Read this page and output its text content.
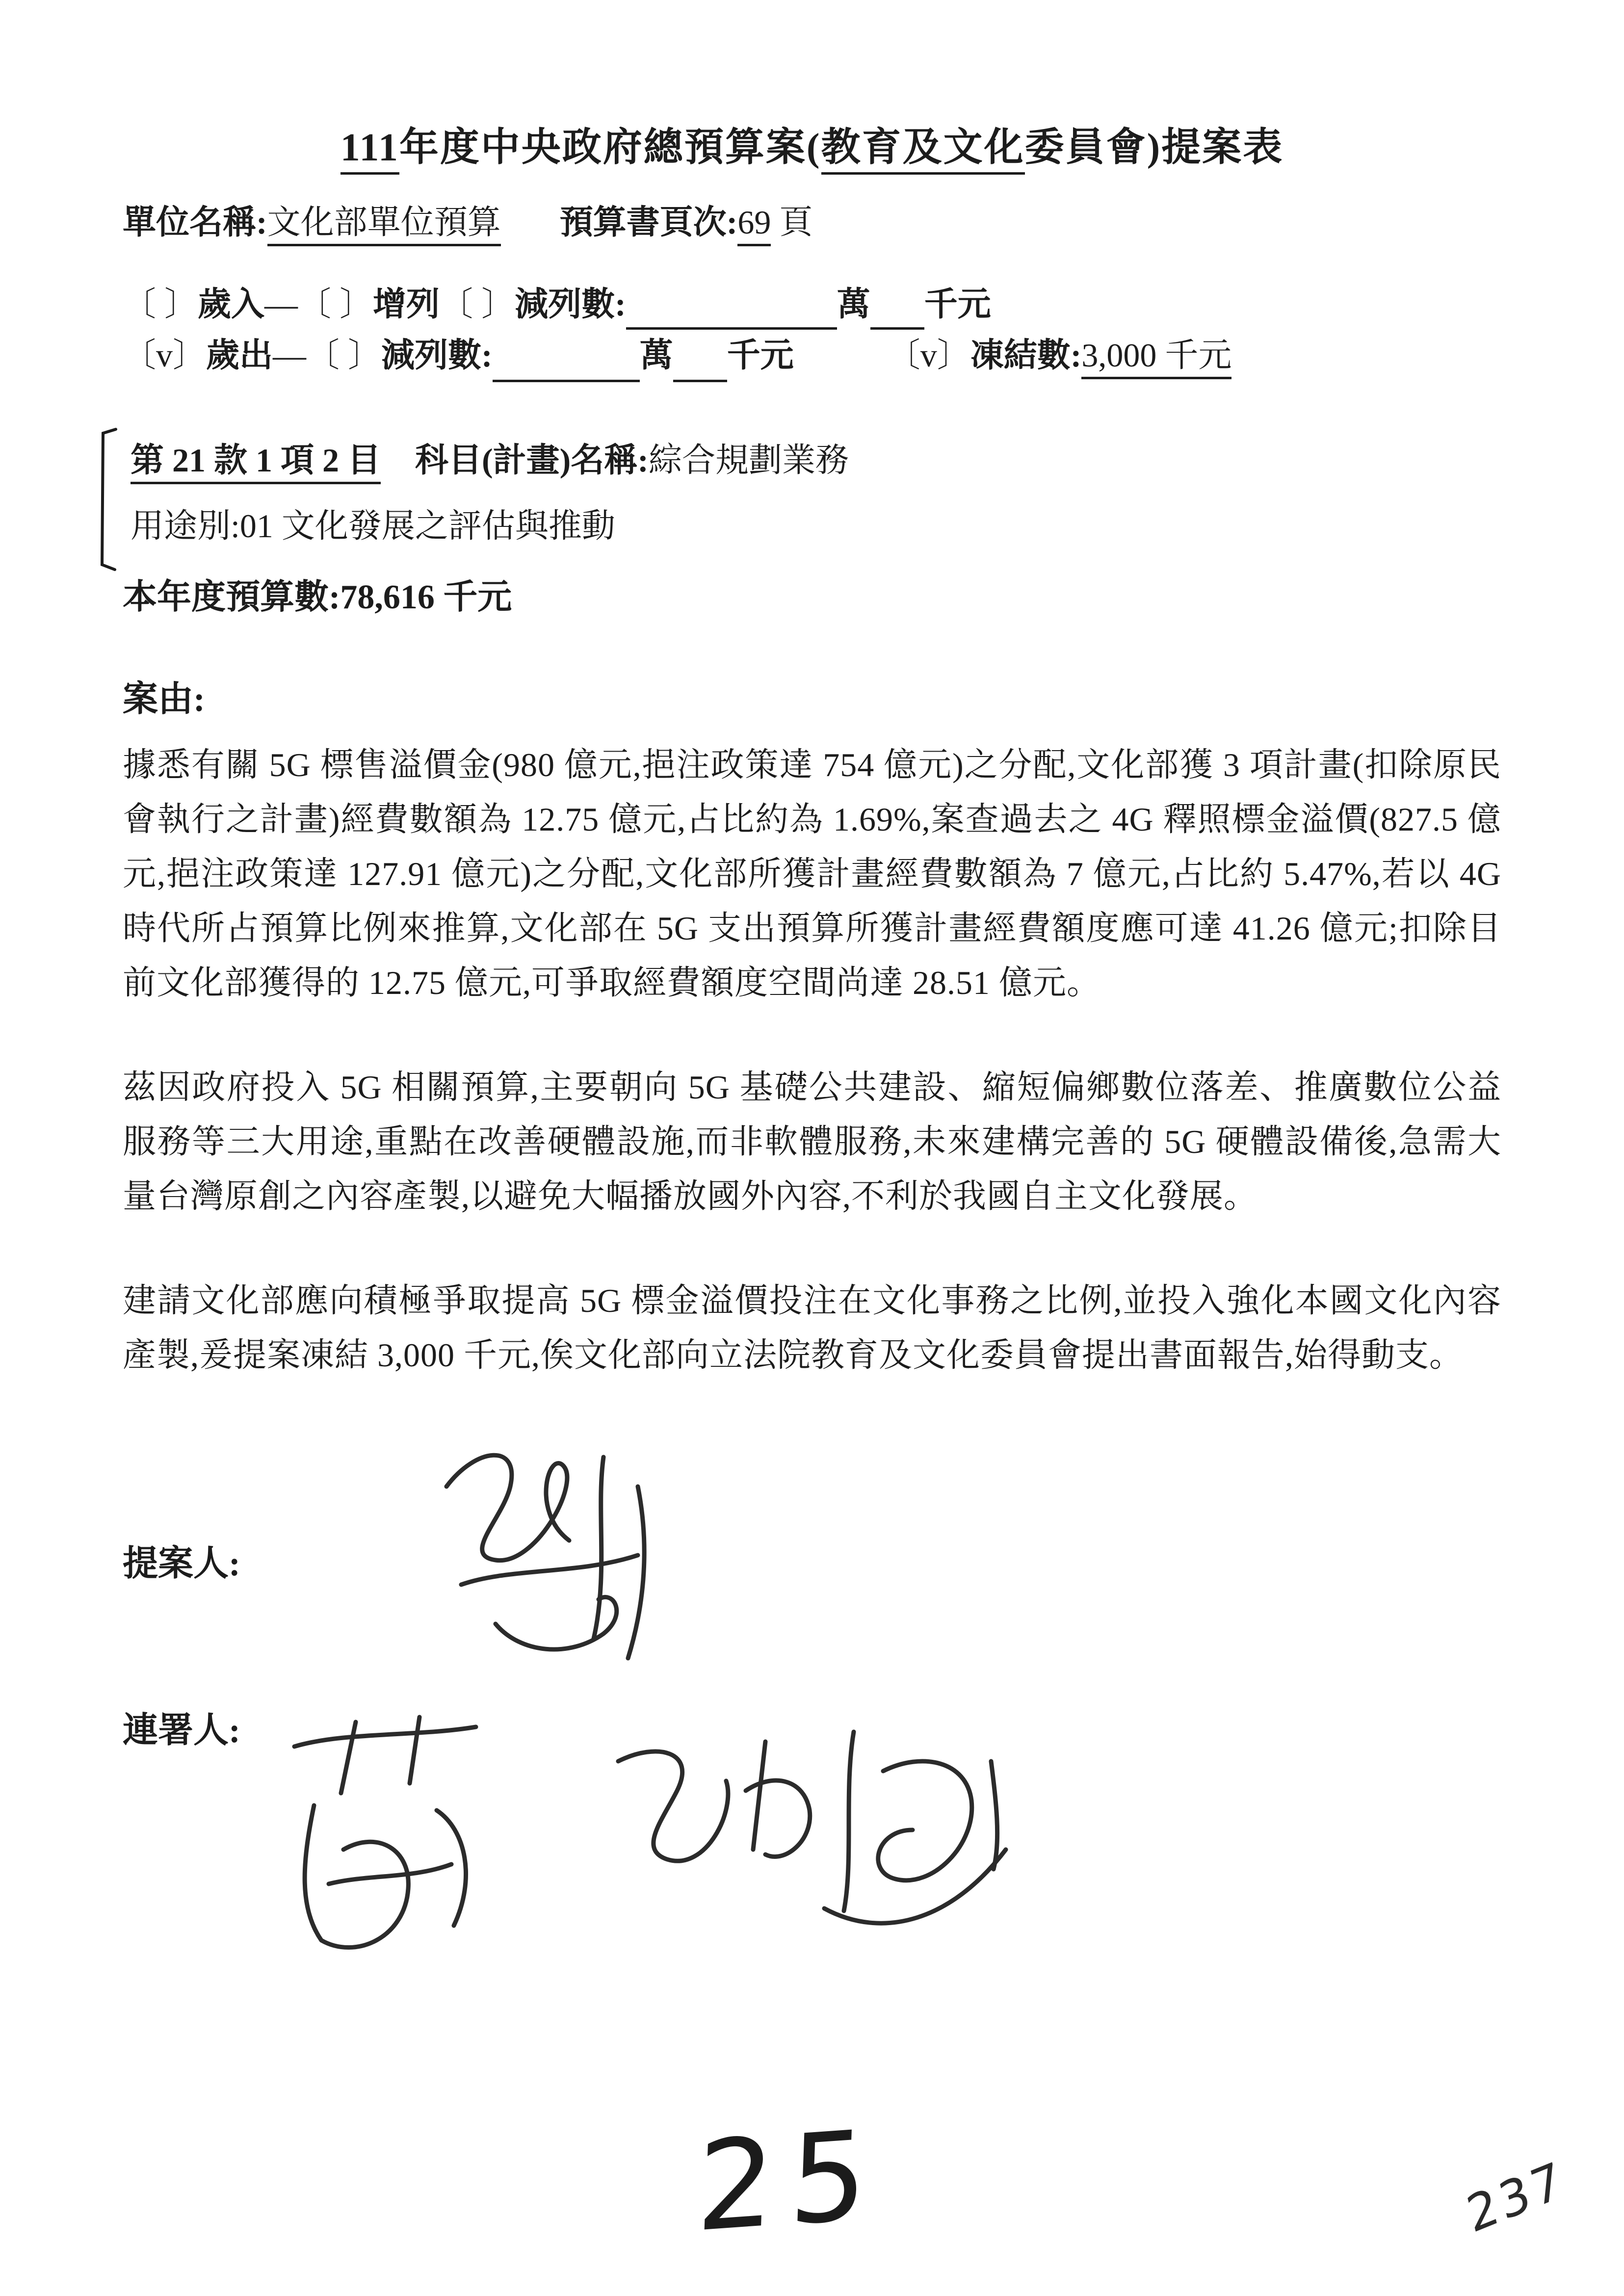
111年度中央政府總預算案(教育及文化委員會)提案表
單位名稱:文化部單位預算 預算書頁次:69 頁
〔 〕歲入—〔 〕增列〔 〕減列數:	萬 千元
〔v〕歲出—〔 〕減列數:	萬 千元	〔v〕凍結數:3,000 千元
第 21 款 1 項 2 目 科目(計畫)名稱:綜合規劃業務
用途別:01 文化發展之評估與推動
本年度預算數:78,616 千元
案由:

據悉有關 5G 標售溢價金(980 億元,挹注政策達 754 億元)之分配,文化部獲 3 項計畫(扣除原民會執行之計畫)經費數額為 12.75 億元,占比約為 1.69%,案查過去之 4G 釋照標金溢價(827.5 億元,挹注政策達 127.91 億元)之分配,文化部所獲計畫經費數額為 7 億元,占比約 5.47%,若以 4G 時代所占預算比例來推算,文化部在 5G 支出預算所獲計畫經費額度應可達 41.26 億元;扣除目前文化部獲得的 12.75 億元,可爭取經費額度空間尚達 28.51 億元。

茲因政府投入 5G 相關預算,主要朝向 5G 基礎公共建設、縮短偏鄉數位落差、推廣數位公益服務等三大用途,重點在改善硬體設施,而非軟體服務,未來建構完善的 5G 硬體設備後,急需大量台灣原創之內容產製,以避免大幅播放國外內容,不利於我國自主文化發展。

建請文化部應向積極爭取提高 5G 標金溢價投注在文化事務之比例,並投入強化本國文化內容產製,爰提案凍結 3,000 千元,俟文化部向立法院教育及文化委員會提出書面報告,始得動支。

提案人:
連署人:
25	237
